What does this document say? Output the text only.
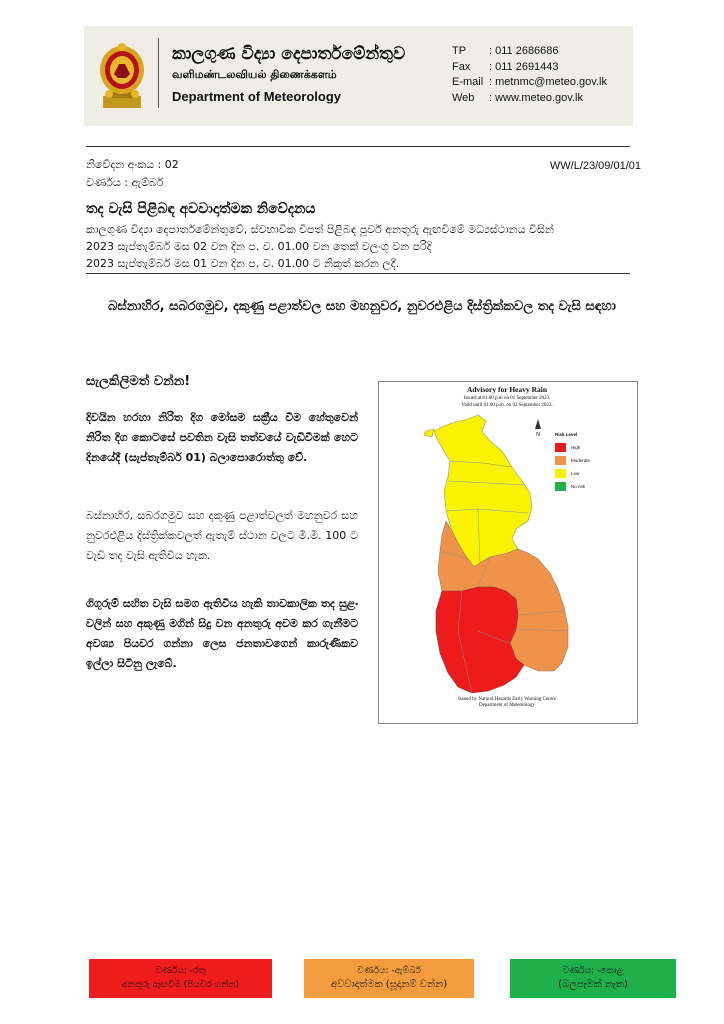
කාලගුණ විද්‍යා දෙපාර්තමේන්තුව
வளிமண்டலவியல் திணைக்களம்
Department of Meteorology
TP	: 011 2686686
Fax	: 011 2691443
E-mail : metnmc@meteo.gov.lk
Web	: www.meteo.gov.lk
නිවේදන අංකය : 02
වර්ණය : ඇම්බර්
WW/L/23/09/01/01
තද වැසි පිළිබඳ අවවාදාත්මක නිවේදනය
කාලගුණ විද්‍යා දෙපාර්තමේන්තුවේ, ස්වභාවික විපත් පිළිබඳ පූර්ව අනතුරු ඇඟවීමේ මධ්‍යස්ථානය විසින්
2023 සැප්තැම්බර් මස 02 වන දින ප. ව. 01.00 වන තෙක් වලංගු වන පරිදි
2023 සැප්තැම්බර් මස 01 වන දින ප. ව. 01.00 ට නිකුත් කරන ලදී.
බස්නාහිර, සබරගමුව, දකුණු පළාත්වල සහ මහනුවර, නුවරඑළිය දිස්ත්‍රික්කවල තද වැසි සඳහා
සැලකිලිමත් වන්න!
දිවයින හරහා නිරිත දිග මෝසම සක්‍රීය වීම හේතුවෙන් නිරිත දිග කොටසේ පවතින වැසි තත්වයේ වැඩිවීමක් හෙට දිනයේදී (සැප්තැම්බර් 01) බලාපොරොත්තු වේ.
බස්නාහිර, සබරගමුව සහ දකුණු පළාත්වලත් මහනුවර සහ නුවරඑළිය දිස්ත්‍රික්කවලත් ඇතැම් ස්ථාන වලට මි.මී. 100 ට වැඩි තද වැසි ඇතිවිය හැක.
ගිගුරුම් සහිත වැසි සමග ඇතිවිය හැකි තාවකාලික තද සුළං වලින් සහ අකුණු මගින් සිදු වන අනතුරු අවම කර ගැනීමට අවශ්‍ය පියවර ගන්නා ලෙස ජනතාවගෙන් කාරුණිකව ඉල්ලා සිටිනු ලැබේ.
Advisory for Heavy Rain
Issued at 01.00 p.m on 01 September 2023.
Valid until 01.00 p.m. on 02 September 2023.
N	Risk Level
High
Moderate
Low
No risk
Issued by Natural Hazards Early Warning Centre
Department of Meteorology
වර්ණය: -රතු
අනතුරු ඇඟවීම (පියවර ගන්න)
වර්ණය: -ඇම්බර්
අවවාදාත්මක (සූදානම් වන්න)
වර්ණය: -කොළ
(බලපෑමක් නැත)
